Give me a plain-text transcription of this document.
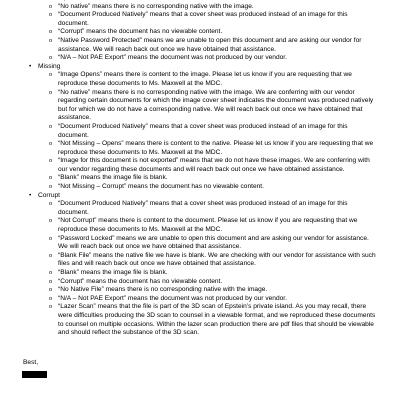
o
o • “No native” means there is no corresponding native with the image.
o “Document Produced Natively” means that a cover sheet was produced instead of an image for this document.
o “Corrupt” means the document has no viewable content.
o “Native Password Protected” means we are unable to open this document and are asking our vendor for assistance. We will reach back out once we have obtained that assistance.
o “N/A – Not PAE Export” means the document was not produced by our vendor.
• Missing
o “Image Opens” means there is content to the image. Please let us know if you are requesting that we reproduce these documents to Ms. Maxwell at the MDC.
o “No native” means there is no corresponding native with the image. We are conferring with our vendor regarding certain documents for which the image cover sheet indicates the document was produced natively but for which we do not have a corresponding native. We will reach back out once we have obtained that assistance.
o “Document Produced Natively” means that a cover sheet was produced instead of an image for this document.
o “Not Missing – Opens” means there is content to the native. Please let us know if you are requesting that we reproduce these documents to Ms. Maxwell at the MDC.
o “Image for this document is not exported” means that we do not have these images. We are conferring with our vendor regarding these documents and will reach back out once we have obtained assistance.
o “Blank” means the image file is blank.
o “Not Missing – Corrupt” means the document has no viewable content.
• Corrupt
o “Document Produced Natively” means that a cover sheet was produced instead of an image for this document.
o “Not Corrupt” means there is content to the document. Please let us know if you are requesting that we reproduce these documents to Ms. Maxwell at the MDC.
o “Password Locked” means we are unable to open this document and are asking our vendor for assistance. We will reach back out once we have obtained that assistance.
o “Blank File” means the native file we have is blank. We are checking with our vendor for assistance with such files and will reach back out once we have obtained that assistance.
o “Blank” means the image file is blank.
o “Corrupt” means the document has no viewable content.
o “No Native File” means there is no corresponding native with the image.
o “N/A – Not PAE Export” means the document was not produced by our vendor.
o “Lazer Scan” means that the file is part of the 3D scan of Epstein’s private island. As you may recall, there were difficulties producing the 3D scan to counsel in a viewable format, and we reproduced these documents to counsel on multiple occasions. Within the lazer scan production there are pdf files that should be viewable and should reflect the substance of the 3D scan.
Best,
